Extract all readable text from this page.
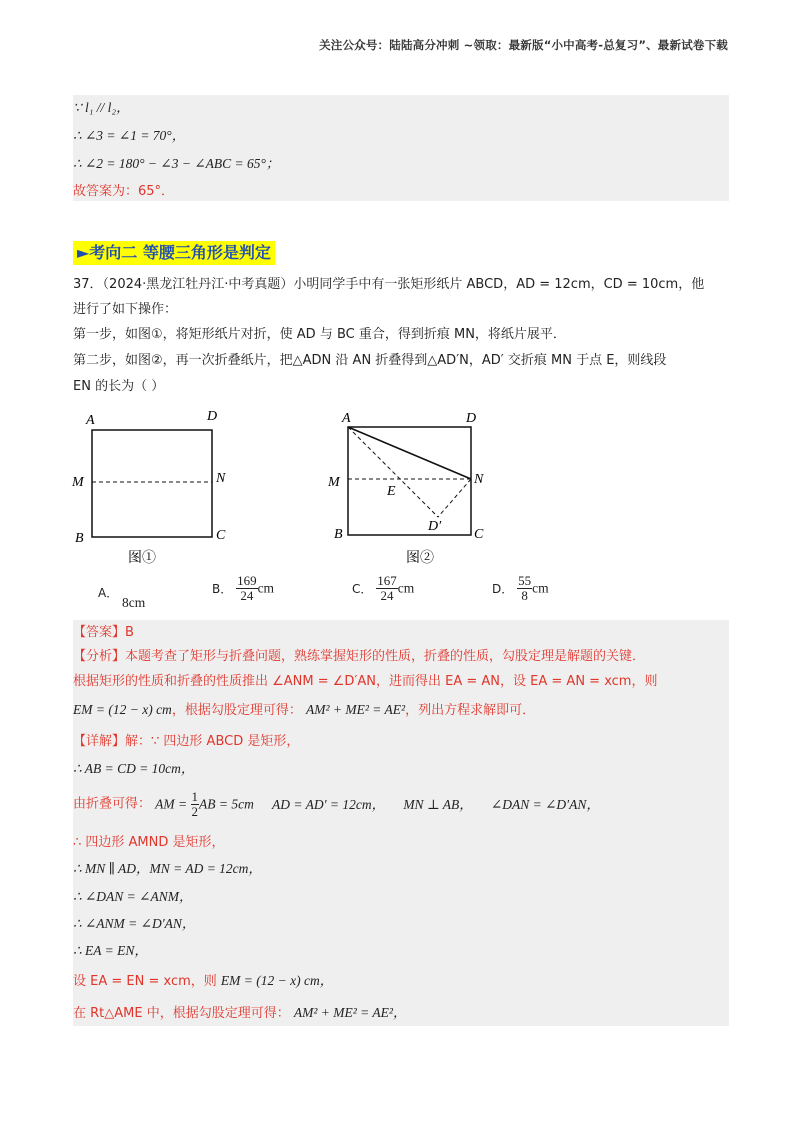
关注公众号：陆陆高分冲刺 ~领取：最新版“小中高考-总复习”、最新试卷下载
∵ l₁ // l₂，
∴ ∠3 = ∠1 = 70°，
∴ ∠2 = 180° − ∠3 − ∠ABC = 65°；
故答案为：65°．
►考向二 等腰三角形是判定
37．（2024·黑龙江牡丹江·中考真题）小明同学手中有一张矩形纸片 ABCD，AD = 12cm，CD = 10cm，他
进行了如下操作：
第一步，如图①，将矩形纸片对折，使 AD 与 BC 重合，得到折痕 MN，将纸片展平．
第二步，如图②，再一次折叠纸片，把△ADN 沿 AN 折叠得到△AD′N，AD′ 交折痕 MN 于点 E，则线段
EN 的长为（ ）
A	D
M	N
B	C
图①
A	D
M	N
E
D′
B	C
图②
A． 8cm
B． $\frac{169}{24}$ cm	C． $\frac{167}{24}$ cm	D． $\frac{55}{8}$ cm
【答案】B
【分析】本题考查了矩形与折叠问题，熟练掌握矩形的性质，折叠的性质，勾股定理是解题的关键．
根据矩形的性质和折叠的性质推出 ∠ANM = ∠D′AN，进而得出 EA = AN，设 EA = AN = xcm，则
EM = (12 − x) cm，根据勾股定理可得： AM² + ME² = AE²，列出方程求解即可．
【详解】解：∵ 四边形 ABCD 是矩形，
∴ AB = CD = 10cm，
由折叠可得： AM = $\frac{1}{2}$ AB = 5cm AD = AD′ = 12cm， MN ⊥ AB， ∠DAN = ∠D′AN，
∴ 四边形 AMND 是矩形，
∴ MN ∥ AD，MN = AD = 12cm，
∴ ∠DAN = ∠ANM，
∴ ∠ANM = ∠D′AN，
∴ EA = EN，
设 EA = EN = xcm，则 EM = (12 − x) cm，
在 Rt△AME 中，根据勾股定理可得： AM² + ME² = AE²，
